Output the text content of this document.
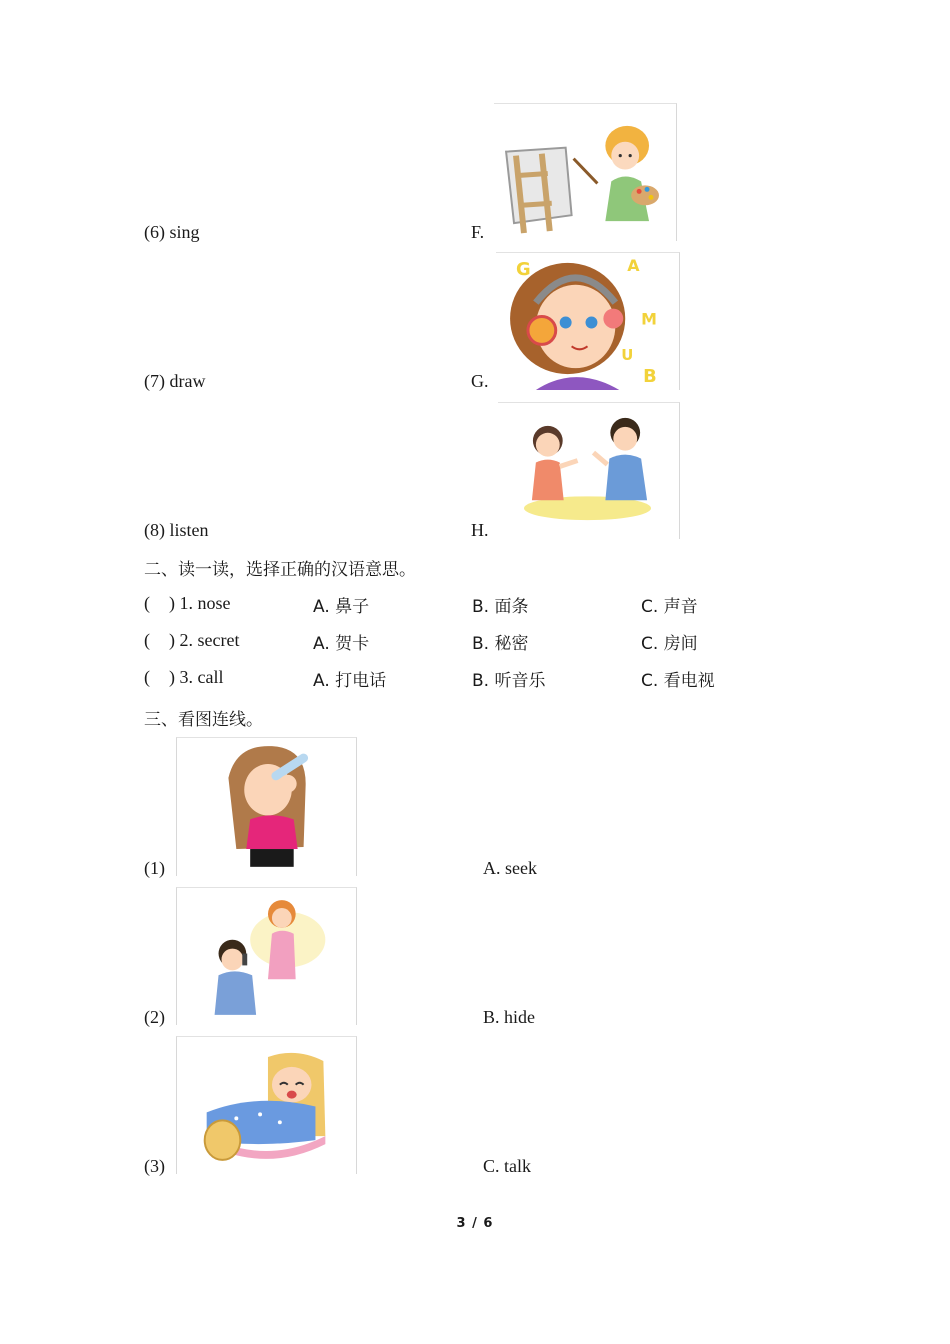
(6) sing	F.
(7) draw	G.
G	A
M
U
B
(8) listen	H.
二、读一读，选择正确的汉语意思。
( ) 1. nose	A. 鼻子	B. 面条	C. 声音
( ) 2. secret	A. 贺卡	B. 秘密	C. 房间
( ) 3. call	A. 打电话	B. 听音乐	C. 看电视
三、看图连线。
(1)	A. seek
(2)	B. hide
(3)	C. talk
3 / 6
